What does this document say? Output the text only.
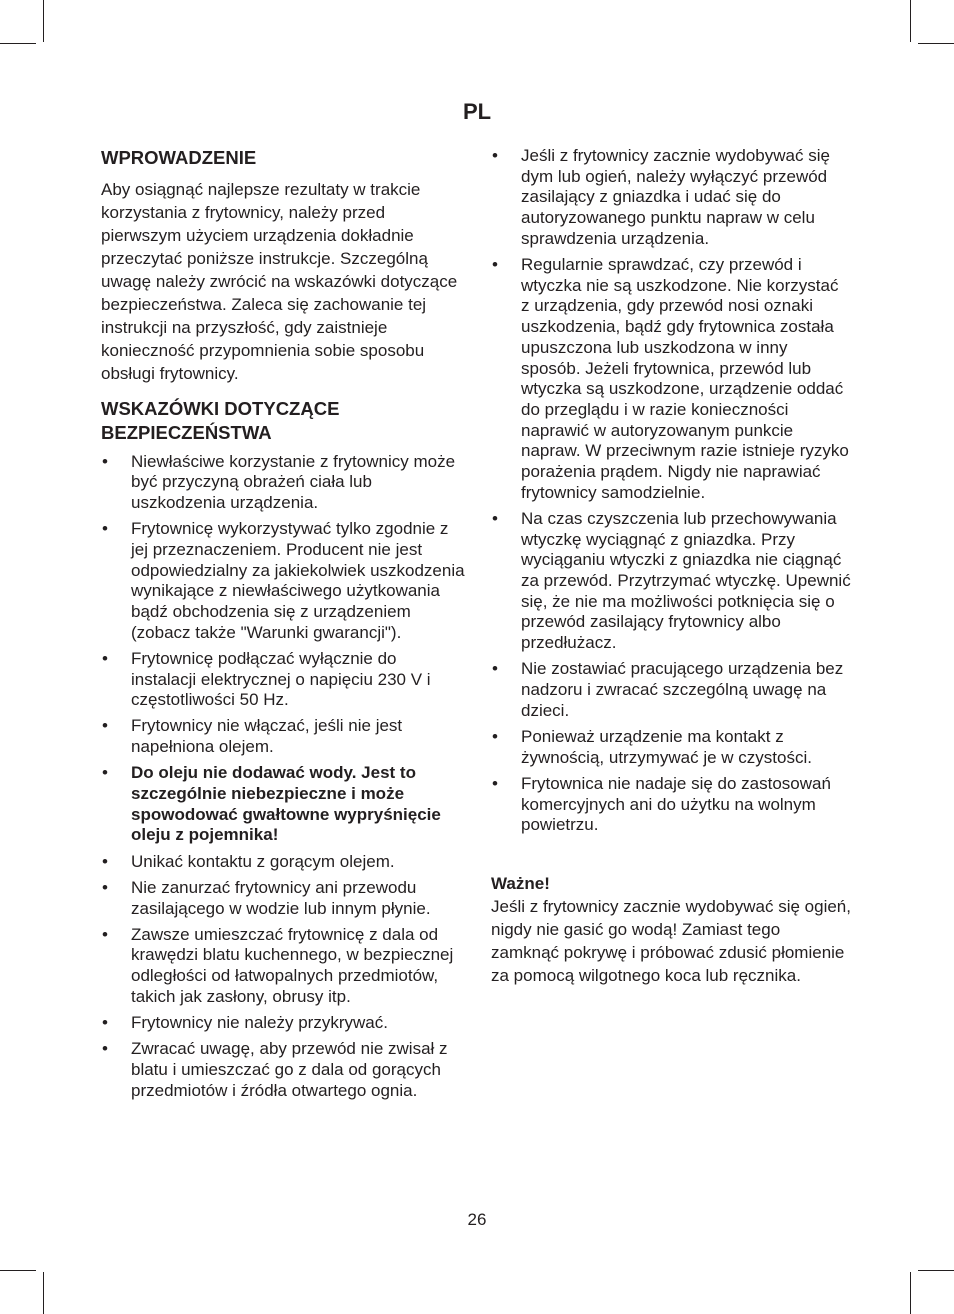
PL
WPROWADZENIE

Aby osiągnąć najlepsze rezultaty w trakcie korzystania z frytownicy, należy przed pierwszym użyciem urządzenia dokładnie przeczytać poniższe instrukcje. Szczególną uwagę należy zwrócić na wskazówki dotyczące bezpieczeństwa. Zaleca się zachowanie tej instrukcji na przyszłość, gdy zaistnieje konieczność przypomnienia sobie sposobu obsługi frytownicy.

WSKAZÓWKI DOTYCZĄCE BEZPIECZEŃSTWA
• Niewłaściwe korzystanie z frytownicy może być przyczyną obrażeń ciała lub uszkodzenia urządzenia.
• Frytownicę wykorzystywać tylko zgodnie z jej przeznaczeniem. Producent nie jest odpowiedzialny za jakiekolwiek uszkodzenia wynikające z niewłaściwego użytkowania bądź obchodzenia się z urządzeniem (zobacz także "Warunki gwarancji").
• Frytownicę podłączać wyłącznie do instalacji elektrycznej o napięciu 230 V i częstotliwości 50 Hz.
• Frytownicy nie włączać, jeśli nie jest napełniona olejem.
• Do oleju nie dodawać wody. Jest to szczególnie niebezpieczne i może spowodować gwałtowne wypryśnięcie oleju z pojemnika!
• Unikać kontaktu z gorącym olejem.
• Nie zanurzać frytownicy ani przewodu zasilającego w wodzie lub innym płynie.
• Zawsze umieszczać frytownicę z dala od krawędzi blatu kuchennego, w bezpiecznej odległości od łatwopalnych przedmiotów, takich jak zasłony, obrusy itp.
• Frytownicy nie należy przykrywać.
• Zwracać uwagę, aby przewód nie zwisał z blatu i umieszczać go z dala od gorących przedmiotów i źródła otwartego ognia.
• Jeśli z frytownicy zacznie wydobywać się dym lub ogień, należy wyłączyć przewód zasilający z gniazdka i udać się do autoryzowanego punktu napraw w celu sprawdzenia urządzenia.
• Regularnie sprawdzać, czy przewód i wtyczka nie są uszkodzone. Nie korzystać z urządzenia, gdy przewód nosi oznaki uszkodzenia, bądź gdy frytownica została upuszczona lub uszkodzona w inny sposób. Jeżeli frytownica, przewód lub wtyczka są uszkodzone, urządzenie oddać do przeglądu i w razie konieczności naprawić w autoryzowanym punkcie napraw. W przeciwnym razie istnieje ryzyko porażenia prądem. Nigdy nie naprawiać frytownicy samodzielnie.
• Na czas czyszczenia lub przechowywania wtyczkę wyciągnąć z gniazdka. Przy wyciąganiu wtyczki z gniazdka nie ciągnąć za przewód. Przytrzymać wtyczkę. Upewnić się, że nie ma możliwości potknięcia się o przewód zasilający frytownicy albo przedłużacz.
• Nie zostawiać pracującego urządzenia bez nadzoru i zwracać szczególną uwagę na dzieci.
• Ponieważ urządzenie ma kontakt z żywnością, utrzymywać je w czystości.
• Frytownica nie nadaje się do zastosowań komercyjnych ani do użytku na wolnym powietrzu.
Ważne!
Jeśli z frytownicy zacznie wydobywać się ogień, nigdy nie gasić go wodą! Zamiast tego zamknąć pokrywę i próbować zdusić płomienie za pomocą wilgotnego koca lub ręcznika.
26
